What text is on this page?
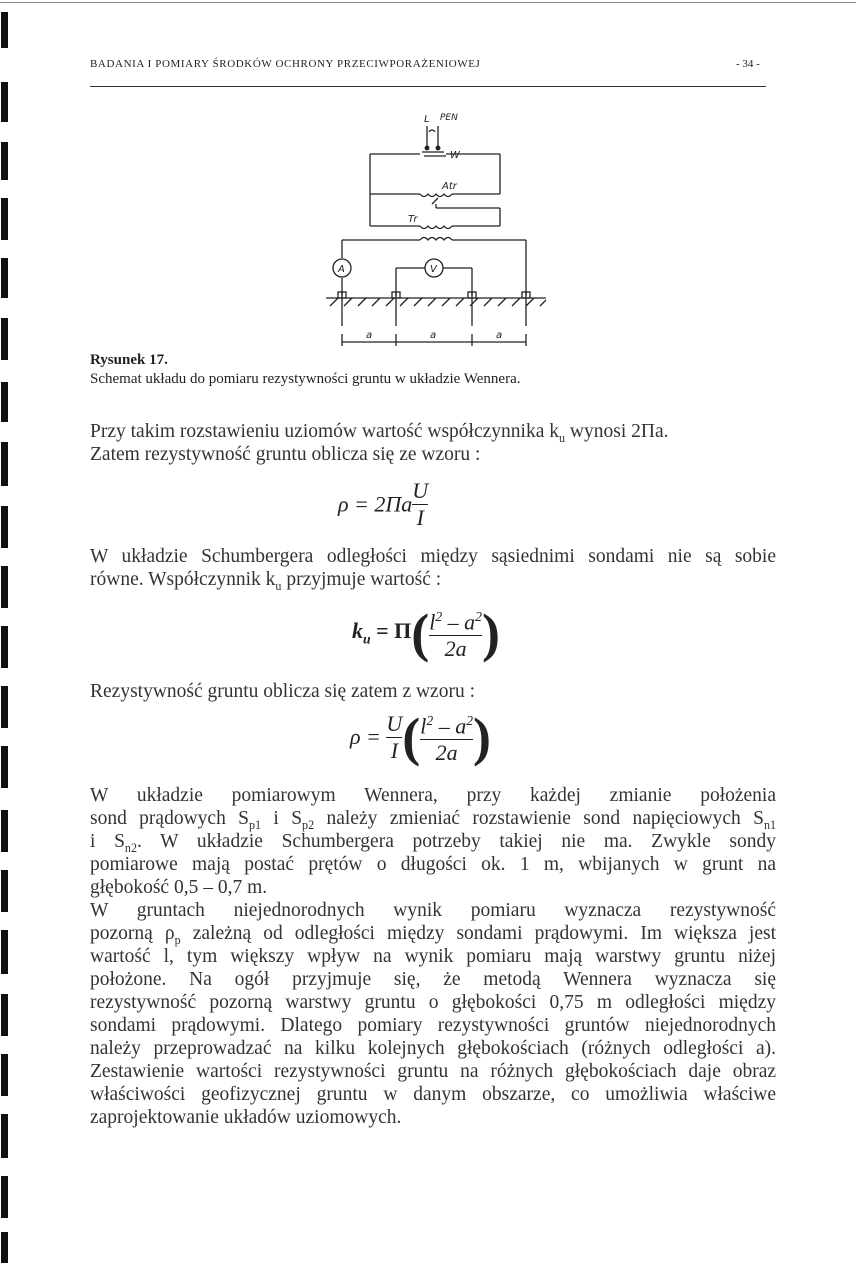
BADANIA I POMIARY ŚRODKÓW OCHRONY PRZECIWPORAŻENIOWEJ	- 34 -
L PEN
W
Atr
Tr
A	V
a	a	a
Rysunek 17.
Schemat układu do pomiaru rezystywności gruntu w układzie Wennera.
Przy takim rozstawieniu uziomów wartość współczynnika $k_u$ wynosi 2Πa.
Zatem rezystywność gruntu oblicza się ze wzoru :
$\rho = 2\Pi a \frac{U}{I}$
W układzie Schumbergera odległości między sąsiednimi sondami nie są sobie
równe. Współczynnik $k_u$ przyjmuje wartość :
$k_u = \Pi( \frac{l^2 - a^2}{2a}$ )
Rezystywność gruntu oblicza się zatem z wzoru :
$\rho = \frac{U}{I}$ ( $\frac{l^2 - a^2}{2a}$ )
W układzie pomiarowym Wennera, przy każdej zmianie położenia
sond prądowych $S_{p1}$ i $S_{p2}$ należy zmieniać rozstawienie sond napięciowych $S_{n1}$
i $S_{n2}$. W układzie Schumbergera potrzeby takiej nie ma. Zwykle sondy
pomiarowe mają postać prętów o długości ok. 1 m, wbijanych w grunt na
głębokość 0,5 – 0,7 m.
W gruntach niejednorodnych wynik pomiaru wyznacza rezystywność
pozorną $\rho_p$ zależną od odległości między sondami prądowymi. Im większa jest
wartość l, tym większy wpływ na wynik pomiaru mają warstwy gruntu niżej
położone. Na ogół przyjmuje się, że metodą Wennera wyznacza się
rezystywność pozorną warstwy gruntu o głębokości 0,75 m odległości między
sondami prądowymi. Dlatego pomiary rezystywności gruntów niejednorodnych
należy przeprowadzać na kilku kolejnych głębokościach (różnych odległości a).
Zestawienie wartości rezystywności gruntu na różnych głębokościach daje obraz
właściwości geofizycznej gruntu w danym obszarze, co umożliwia właściwe
zaprojektowanie układów uziomowych.
